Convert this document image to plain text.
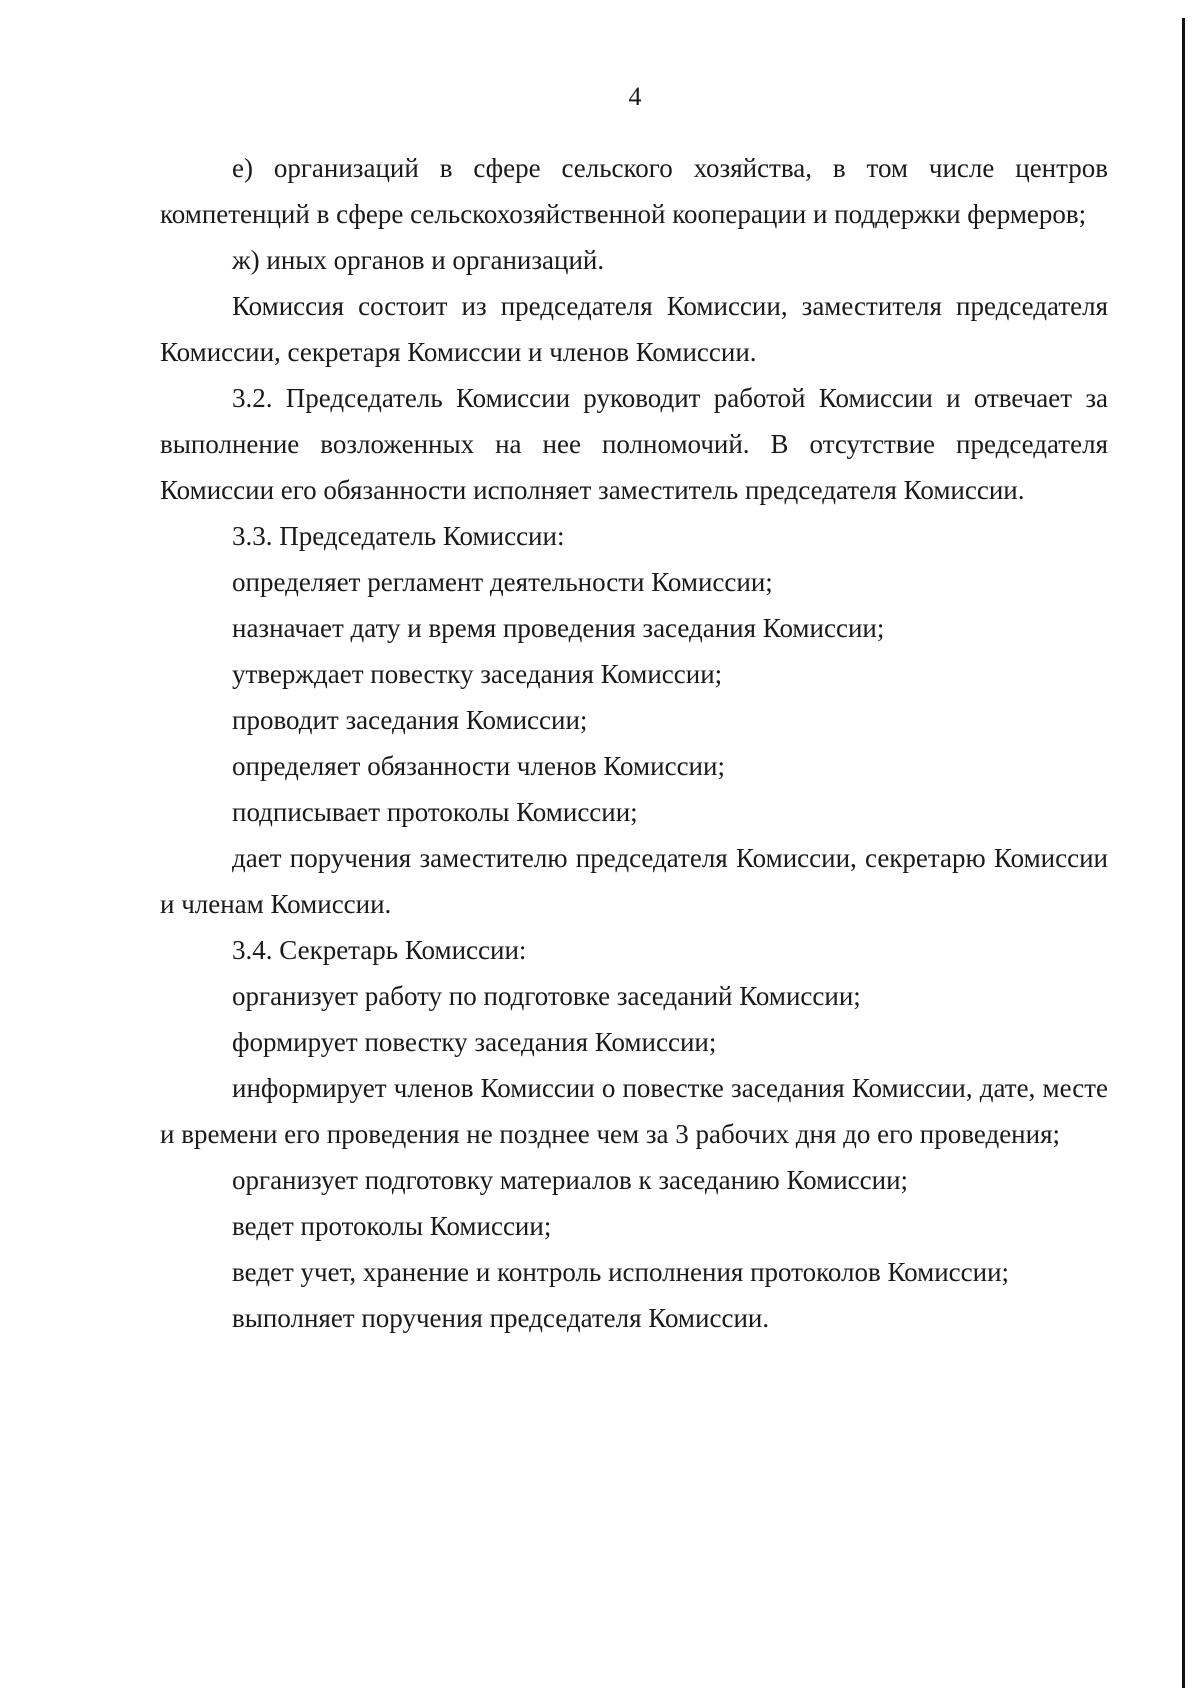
4

е) организаций в сфере сельского хозяйства, в том числе центров компетенций в сфере сельскохозяйственной кооперации и поддержки фермеров;

ж) иных органов и организаций.

Комиссия состоит из председателя Комиссии, заместителя председателя Комиссии, секретаря Комиссии и членов Комиссии.

3.2. Председатель Комиссии руководит работой Комиссии и отвечает за выполнение возложенных на нее полномочий. В отсутствие председателя Комиссии его обязанности исполняет заместитель председателя Комиссии.

3.3. Председатель Комиссии:

определяет регламент деятельности Комиссии;

назначает дату и время проведения заседания Комиссии;

утверждает повестку заседания Комиссии;

проводит заседания Комиссии;

определяет обязанности членов Комиссии;

подписывает протоколы Комиссии;

дает поручения заместителю председателя Комиссии, секретарю Комиссии и членам Комиссии.

3.4. Секретарь Комиссии:

организует работу по подготовке заседаний Комиссии;

формирует повестку заседания Комиссии;

информирует членов Комиссии о повестке заседания Комиссии, дате, месте и времени его проведения не позднее чем за 3 рабочих дня до его проведения;

организует подготовку материалов к заседанию Комиссии;

ведет протоколы Комиссии;

ведет учет, хранение и контроль исполнения протоколов Комиссии;

выполняет поручения председателя Комиссии.
